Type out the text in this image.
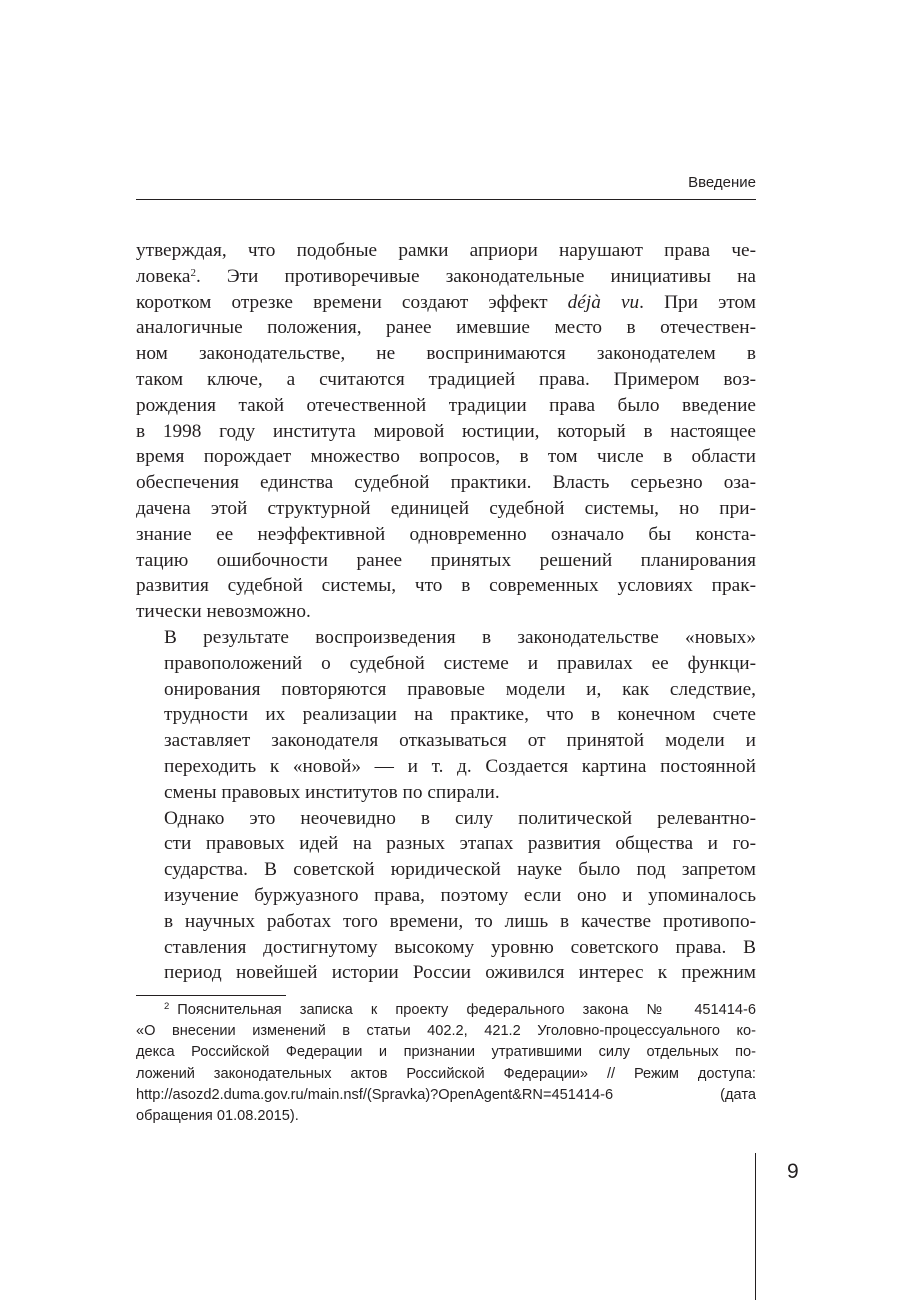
Введение

утверждая, что подобные рамки априори нарушают права че-
ловека$^2$. Эти противоречивые законодательные инициативы на
коротком отрезке времени создают эффект déjà vu. При этом
аналогичные положения, ранее имевшие место в отечествен-
ном законодательстве, не воспринимаются законодателем в
таком ключе, а считаются традицией права. Примером воз-
рождения такой отечественной традиции права было введение
в 1998 году института мировой юстиции, который в настоящее
время порождает множество вопросов, в том числе в области
обеспечения единства судебной практики. Власть серьезно оза-
дачена этой структурной единицей судебной системы, но при-
знание ее неэффективной одновременно означало бы конста-
тацию ошибочности ранее принятых решений планирования
развития судебной системы, что в современных условиях прак-
тически невозможно.

В результате воспроизведения в законодательстве «новых»
правоположений о судебной системе и правилах ее функци-
онирования повторяются правовые модели и, как следствие,
трудности их реализации на практике, что в конечном счете
заставляет законодателя отказываться от принятой модели и
переходить к «новой» — и т. д. Создается картина постоянной
смены правовых институтов по спирали.

Однако это неочевидно в силу политической релевантно-
сти правовых идей на разных этапах развития общества и го-
сударства. В советской юридической науке было под запретом
изучение буржуазного права, поэтому если оно и упоминалось
в научных работах того времени, то лишь в качестве противопо-
ставления достигнутому высокому уровню советского права. В
период новейшей истории России оживился интерес к прежним

$^2$ Пояснительная записка к проекту федерального закона № 451414-6
«О внесении изменений в статьи 402.2, 421.2 Уголовно-процессуального ко-
декса Российской Федерации и признании утратившими силу отдельных по-
ложений законодательных актов Российской Федерации» // Режим доступа:
http://asozd2.duma.gov.ru/main.nsf/(Spravka)?OpenAgent&RN=451414-6 (дата
обращения 01.08.2015).
9
